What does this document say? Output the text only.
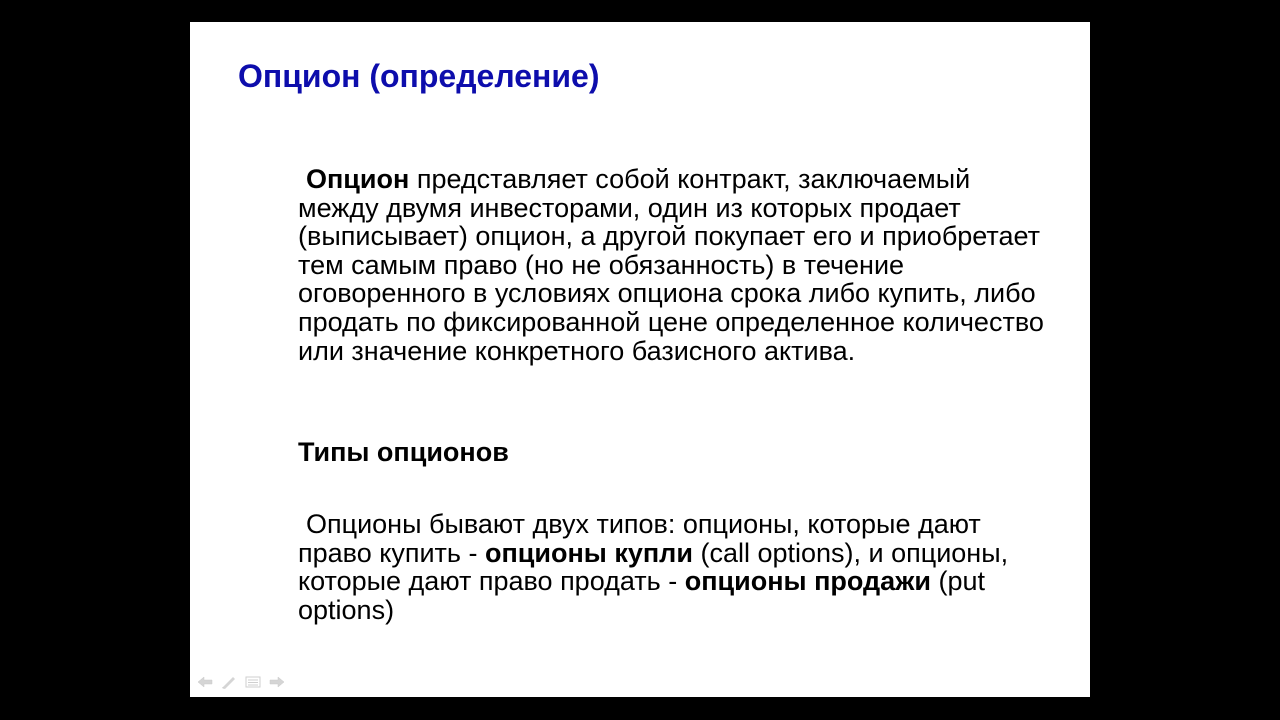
Опцион (определение)

Опцион представляет собой контракт, заключаемый между двумя инвесторами, один из которых продает (выписывает) опцион, а другой покупает его и приобретает тем самым право (но не обязанность) в течение оговоренного в условиях опциона срока либо купить, либо продать по фиксированной цене определенное количество или значение конкретного базисного актива.

Типы опционов

Опционы бывают двух типов: опционы, которые дают право купить - опционы купли (call options), и опционы, которые дают право продать - опционы продажи (put options)
